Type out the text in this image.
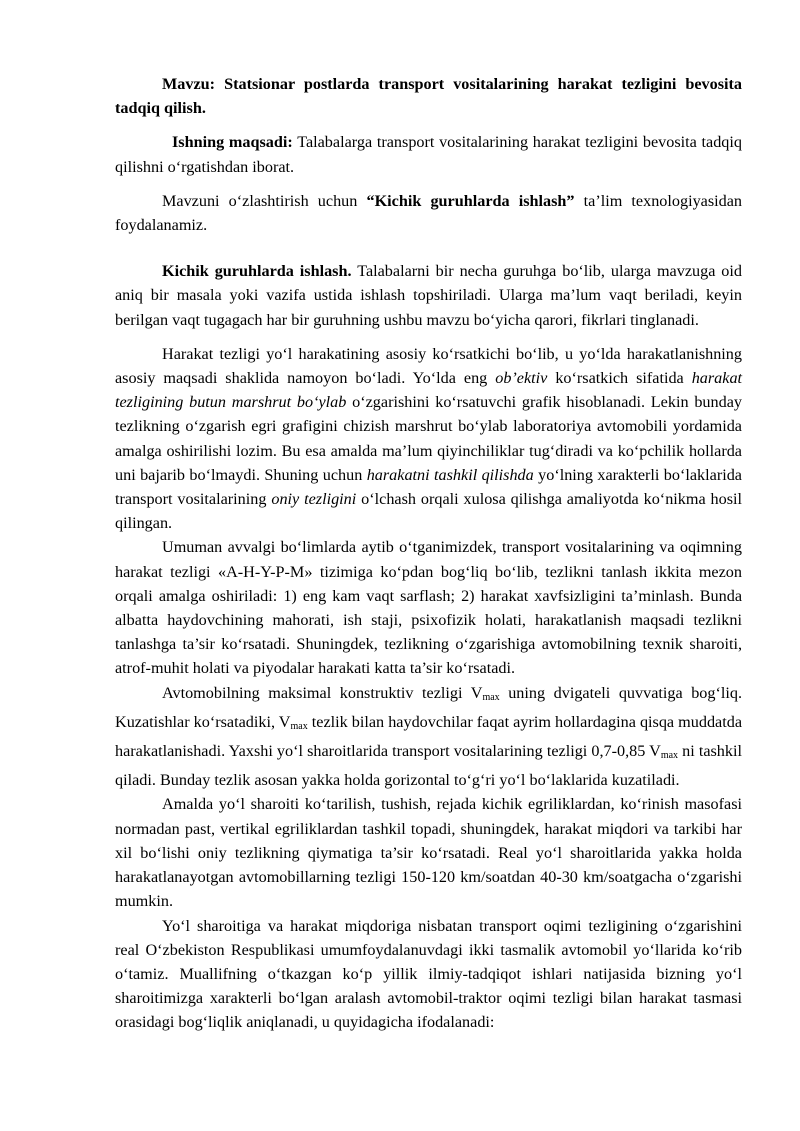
Mavzu: Statsionar postlarda transport vositalarining harakat tezligini bevosita tadqiq qilish.

Ishning maqsadi: Talabalarga transport vositalarining harakat tezligini bevosita tadqiq qilishni o‘rgatishdan iborat.

Mavzuni o‘zlashtirish uchun “Kichik guruhlarda ishlash” ta’lim texnologiyasidan foydalanamiz.

Kichik guruhlarda ishlash. Talabalarni bir necha guruhga bo‘lib, ularga mavzuga oid aniq bir masala yoki vazifa ustida ishlash topshiriladi. Ularga ma’lum vaqt beriladi, keyin berilgan vaqt tugagach har bir guruhning ushbu mavzu bo‘yicha qarori, fikrlari tinglanadi.

Harakat tezligi yo‘l harakatining asosiy ko‘rsatkichi bo‘lib, u yo‘lda harakatlanishning asosiy maqsadi shaklida namoyon bo‘ladi. Yo‘lda eng ob’ektiv ko‘rsatkich sifatida harakat tezligining butun marshrut bo‘ylab o‘zgarishini ko‘rsatuvchi grafik hisoblanadi. Lekin bunday tezlikning o‘zgarish egri grafigini chizish marshrut bo‘ylab laboratoriya avtomobili yordamida amalga oshirilishi lozim. Bu esa amalda ma’lum qiyinchiliklar tug‘diradi va ko‘pchilik hollarda uni bajarib bo‘lmaydi. Shuning uchun harakatni tashkil qilishda yo‘lning xarakterli bo‘laklarida transport vositalarining oniy tezligini o‘lchash orqali xulosa qilishga amaliyotda ko‘nikma hosil qilingan.

Umuman avvalgi bo‘limlarda aytib o‘tganimizdek, transport vositalarining va oqimning harakat tezligi «A-H-Y-P-M» tizimiga ko‘pdan bog‘liq bo‘lib, tezlikni tanlash ikkita mezon orqali amalga oshiriladi: 1) eng kam vaqt sarflash; 2) harakat xavfsizligini ta’minlash. Bunda albatta haydovchining mahorati, ish staji, psixofizik holati, harakatlanish maqsadi tezlikni tanlashga ta’sir ko‘rsatadi. Shuningdek, tezlikning o‘zgarishiga avtomobilning texnik sharoiti, atrof-muhit holati va piyodalar harakati katta ta’sir ko‘rsatadi.

Avtomobilning maksimal konstruktiv tezligi $V_{max}$ uning dvigateli quvvatiga bog‘liq. Kuzatishlar ko‘rsatadiki, $V_{max}$ tezlik bilan haydovchilar faqat ayrim hollardagina qisqa muddatda harakatlanishadi. Yaxshi yo‘l sharoitlarida transport vositalarining tezligi 0,7-0,85 $V_{max}$ ni tashkil qiladi. Bunday tezlik asosan yakka holda gorizontal to‘g‘ri yo‘l bo‘laklarida kuzatiladi.

Amalda yo‘l sharoiti ko‘tarilish, tushish, rejada kichik egriliklardan, ko‘rinish masofasi normadan past, vertikal egriliklardan tashkil topadi, shuningdek, harakat miqdori va tarkibi har xil bo‘lishi oniy tezlikning qiymatiga ta’sir ko‘rsatadi. Real yo‘l sharoitlarida yakka holda harakatlanayotgan avtomobillarning tezligi 150-120 km/soatdan 40-30 km/soatgacha o‘zgarishi mumkin.

Yo‘l sharoitiga va harakat miqdoriga nisbatan transport oqimi tezligining o‘zgarishini real O‘zbekiston Respublikasi umumfoydalanuvdagi ikki tasmalik avtomobil yo‘llarida ko‘rib o‘tamiz. Muallifning o‘tkazgan ko‘p yillik ilmiy-tadqiqot ishlari natijasida bizning yo‘l sharoitimizga xarakterli bo‘lgan aralash avtomobil-traktor oqimi tezligi bilan harakat tasmasi orasidagi bog‘liqlik aniqlanadi, u quyidagicha ifodalanadi:
